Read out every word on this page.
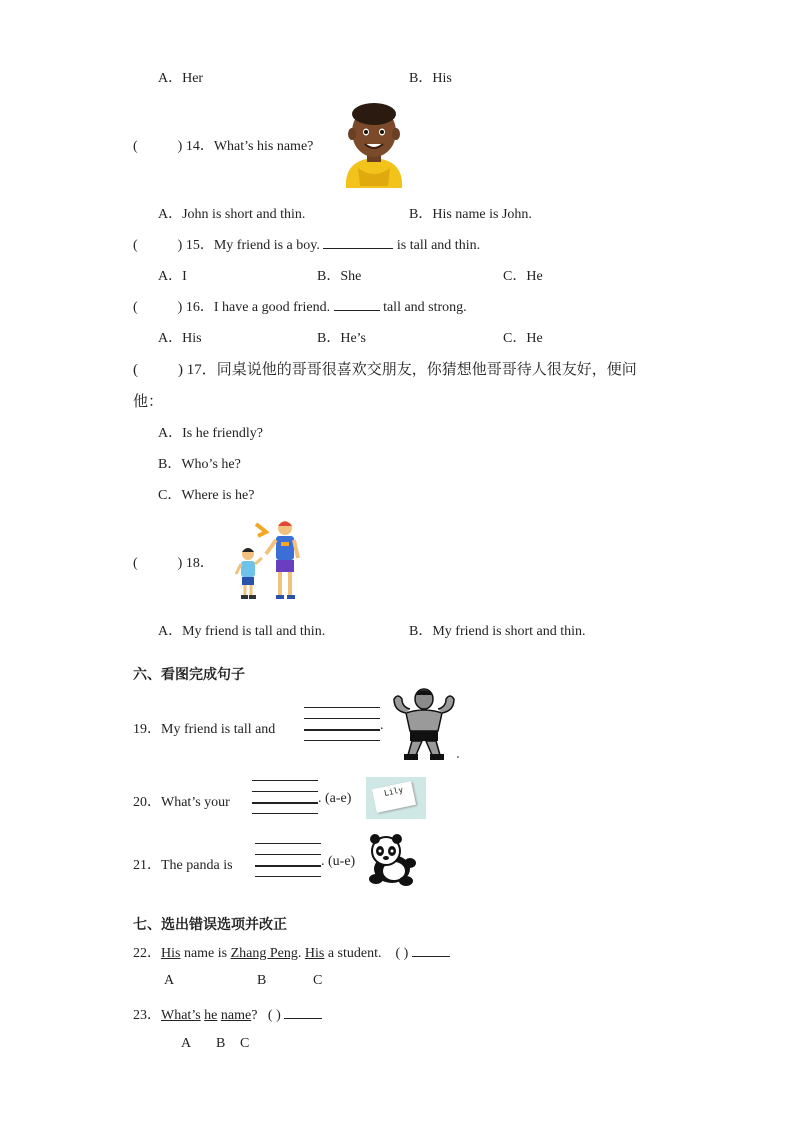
A．Her	B．His
(	) 14．What’s his name?
A．John is short and thin.	B．His name is John.
(	) 15．My friend is a boy.	is tall and thin.
A．I	B．She	C．He
(	) 16．I have a good friend.	tall and strong.
A．His	B．He’s	C．He
(	) 17．同桌说他的哥哥很喜欢交朋友，你猜想他哥哥待人很友好，便问
他：
A．Is he friendly?
B．Who’s he?
C．Where is he?
(	) 18．
A．My friend is tall and thin.	B．My friend is short and thin.
六、看图完成句子
19．My friend is tall and	.
20．What’s your	. (a-e)	Lily
21．The panda is	. (u-e)
七、选出错误选项并改正
22．His name is Zhang Peng. His a student. ( )
A	B	C
23．What’s he name? ( )
A B C
